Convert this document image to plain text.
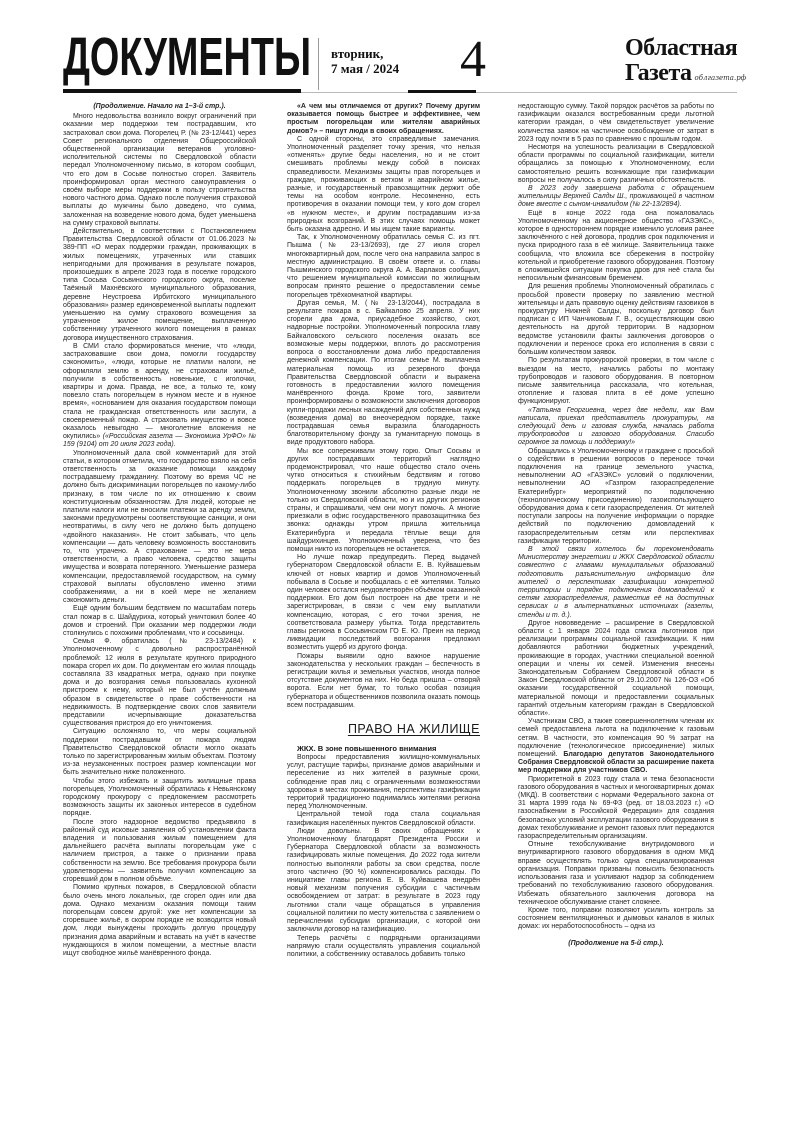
ДОКУМЕНТЫ вторник,
7 мая / 2024	4	Областная
Газета облгазета.рф

(Продолжение. Начало на 1–3-й стр.).

Много недовольства возникло вокруг ограничений при оказании мер поддержки тем пострадавшим, кто застраховал свои дома. Погорелец Р. (№ 23-12/441) через Совет регионального отделения Общероссийской общественной организации ветеранов уголовно-исполнительной системы по Свердловской области передал Уполномоченному письмо, в котором сообщил, что его дом в Сосьве полностью сгорел. Заявитель проинформировал орган местного самоуправления о своём выборе меры поддержки в пользу строительства нового частного дома. Однако после получения страховой выплаты до мужчины было доведено, что сумма, заложенная на возведение нового дома, будет уменьшена на сумму страховой выплаты.

Действительно, в соответствии с Постановлением Правительства Свердловской области от 01.06.2023 № 389-ПП «О мерах поддержки граждан, проживающих в жилых помещениях, утраченных или ставших непригодными для проживания в результате пожаров, произошедших в апреле 2023 года в поселке городского типа Сосьва Сосьвинского городского округа, поселке Таёжный Махнёвского муниципального образования, деревне Неустроева Ирбитского муниципального образования» размер единовременной выплаты подлежит уменьшению на сумму страхового возмещения за утраченное жилое помещение, выплаченную собственнику утраченного жилого помещения в рамках договора имущественного страхования.

В СМИ стало формироваться мнение, что «люди, застраховавшие свои дома, помогли государству сэкономить», «люди, которые не платили налоги, не оформляли землю в аренду, не страховали жильё, получили в собственность новенькие, с иголочки, квартиры и дома. Правда, не все, а только те, кому повезло стать погорельцем в нужном месте и в нужное время», «основанием для оказания государством помощи стала не гражданская ответственность или заслуги, а своевременный пожар. А страховать имущество и вовсе оказалось невыгодно — многолетние вложения не окупились» («Российская газета — Экономика УрФО» № 159 (9104) от 20 июля 2023 года).

Уполномоченный дала свой комментарий для этой статьи, в котором отметила, что государство взяло на себя ответственность за оказание помощи каждому пострадавшему гражданину. Поэтому во время ЧС не должно быть дискриминации погорельцев по какому-либо признаку, в том числе по их отношению к своим конституционным обязанностям. Для людей, которые не платили налоги или не вносили платежи за аренду земли, законами предусмотрены соответствующие санкции, и они неотвратимы, в силу чего не должно быть допущено «двойного наказания». Не стоит забывать, что цель компенсации — дать человеку возможность восстановить то, что утрачено. А страхование — это не мера ответственности, а право человека, средство защиты имущества и возврата потерянного. Уменьшение размера компенсации, предоставляемой государством, на сумму страховой выплаты обусловлено именно этими соображениями, а ни в коей мере не желанием сэкономить деньги.

Ещё одним большим бедствием по масштабам потерь стал пожар в с. Шайдуриха, который уничтожил более 40 домов и строений. При оказании мер поддержки люди столкнулись с похожими проблемами, что и сосьвинцы.

Семья Ф. обратилась (№ 23-13/2484) к Уполномоченному с довольно распространённой проблемой: 12 июля в результате крупного природного пожара сгорел их дом. По документам его жилая площадь составляла 33 квадратных метра, однако при покупке дома и до возгорания семья пользовалась кухонной пристроем к нему, который не был учтён должным образом в свидетельстве о праве собственности на недвижимость. В подтверждение своих слов заявители представили исчерпывающие доказательства существования пристроя до его уничтожения.

Ситуацию осложняло то, что меры социальной поддержки пострадавшим от пожара людям Правительство Свердловской области могло оказать только по зарегистрированным жилым объектам. Поэтому из-за неузаконенных построек размер компенсации мог быть значительно ниже положенного.

Чтобы этого избежать и защитить жилищные права погорельцев, Уполномоченный обратилась к Невьянскому городскому прокурору с предложением рассмотреть возможность защиты их законных интересов в судебном порядке.

После этого надзорное ведомство предъявило в районный суд исковые заявления об установлении факта владения и пользования жилым помещением для дальнейшего расчёта выплаты погорельцам уже с наличием пристроя, а также о признании права собственности на землю. Все требования прокурора были удовлетворены — заявитель получил компенсацию за сгоревший дом в полном объёме.

Помимо крупных пожаров, в Свердловской области было очень много локальных, где сгорел один или два дома. Однако механизм оказания помощи таким погорельцам совсем другой: уже нет компенсации за сгоревшее жильё, в скором порядке не возводится новый дом, люди вынуждены проходить долгую процедуру признания дома аварийным и вставать на учёт в качестве нуждающихся в жилом помещении, а местные власти ищут свободное жильё манёвренного фонда.

«А чем мы отличаемся от других? Почему другим оказывается помощь быстрее и эффективнее, чем простым погорельцам или жителям аварийных домов?» – пишут люди в своих обращениях.

С одной стороны, это справедливые замечания. Уполномоченный разделяет точку зрения, что нельзя «отменять» другие беды населения, но и не стоит смешивать проблемы между собой в поисках справедливости. Механизмы защиты прав погорельцев и граждан, проживающих в ветхом и аварийном жилье, разные, и государственный правозащитник держит обе темы на особом контроле. Несомненно, есть противоречия в оказании помощи тем, у кого дом сгорел «в нужном месте», и другим пострадавшим из-за природных возгораний. В этих случаях помощь может быть оказана адресно. И мы ищем такие варианты.

Так, к Уполномоченному обратилась семья С. из пгт. Пышма (№ 23-13/2693), где 27 июля сгорел многоквартирный дом, после чего она направила запрос в местную администрацию. В своём ответе и. о. главы Пышминского городского округа А. А. Варлаков сообщил, что решением муниципальной комиссии по жилищным вопросам принято решение о предоставлении семье погорельцев трёхкомнатной квартиры.

Другая семья, М. (№ 23-13/2044), пострадала в результате пожара в с. Байкалово 25 апреля. У них сгорели два дома, приусадебное хозяйство, скот, надворные постройки. Уполномоченный попросила главу Байкаловского сельского поселения оказать все возможные меры поддержки, вплоть до рассмотрения вопроса о восстановлении дома либо предоставления денежной компенсации. По итогам семье М. выплачена материальная помощь из резервного фонда Правительства Свердловской области и выражена готовность в предоставлении жилого помещения манёвренного фонда. Кроме того, заявители проинформированы о возможности заключения договоров купли-продажи лесных насаждений для собственных нужд (возведения дома) во внеочередном порядке, также пострадавшая семья выразила благодарность благотворительному фонду за гуманитарную помощь в виде продуктового набора.

Мы все сопереживали этому горю. Опыт Сосьвы и других пострадавших территорий наглядно продемонстрировал, что наше общество стало очень чутко относиться к стихийным бедствиям и готово поддержать погорельцев в трудную минуту. Уполномоченному звонили абсолютно разные люди не только из Свердловской области, но и из других регионов страны, и спрашивали, чем они могут помочь. А многие приезжали в офис государственного правозащитника без звонка: однажды утром пришла жительница Екатеринбурга и передала тёплые вещи для шайдурихинцев. Уполномоченный уверена, что без помощи никто из погорельцев не останется.

Но лучше пожар предупредить. Перед выдачей губернатором Свердловской области Е. В. Куйвашевым ключей от новых квартир и домов Уполномоченный побывала в Сосьве и пообщалась с её жителями. Только один человек остался неудовлетворён объёмом оказанной поддержки. Его дом был построен на две трети и не зарегистрирован, в связи с чем ему выплатили компенсацию, которая, с его точки зрения, не соответствовала размеру убытка. Тогда представитель главы региона в Сосьвинском ГО Е. Ю. Преин на период ликвидации последствий возгорания предложил возместить ущерб из другого фонда.

Пожары выявили одно важное нарушение законодательства у нескольких граждан – беспечность в регистрации жилья и земельных участков, иногда полное отсутствие документов на них. Но беда пришла – отворяй ворота. Если нет бумаг, то только особая позиция губернатора и общественников позволила оказать помощь всем пострадавшим.

ПРАВО НА ЖИЛИЩЕ
ЖКХ. В зоне повышенного внимания

Вопросы предоставления жилищно-коммунальных услуг, растущие тарифы, признание домов аварийными и переселение из них жителей в разумные сроки, соблюдение прав лиц с ограниченными возможностями здоровья в местах проживания, перспективы газификации территорий традиционно поднимались жителями региона перед Уполномоченным.

Центральной темой года стала социальная газификация населённых пунктов Свердловской области.

Люди довольны. В своих обращениях к Уполномоченному благодарят Президента России и Губернатора Свердловской области за возможность газифицировать жилые помещения. До 2022 года жители полностью выполняли работы за свои средства, после этого частично (90 %) компенсировались расходы. По инициативе главы региона Е. В. Куйвашева внедрён новый механизм получения субсидии с частичным освобождением от затрат: в результате в 2023 году льготники стали чаще обращаться в управления социальной политики по месту жительства с заявлением о перечислении субсидии организации, с которой они заключили договор на газификацию.

Теперь расчёты с подрядными организациями напрямую стали осуществлять управления социальной политики, а собственнику оставалось добавить только

недостающую сумму. Такой порядок расчётов за работы по газификации оказался востребованным среди льготной категории граждан, о чём свидетельствует увеличение количества заявок на частичное освобождение от затрат в 2023 году почти в 5 раз по сравнению с прошлым годом.

Несмотря на успешность реализации в Свердловской области программы по социальной газификации, жители обращались за помощью к Уполномоченному, если самостоятельно решить возникающие при газификации вопросы не получалось в силу различных обстоятельств.

В 2023 году завершена работа с обращением жительницы Верхней Салды Ш., проживающей в частном доме вместе с сыном-инвалидом (№ 22-13/2894).

Ещё в конце 2022 года она пожаловалась Уполномоченному на акционерное общество «ГАЗЭКС», которое в одностороннем порядке изменило условия ранее заключённого с ней договора, продлив срок подключения и пуска природного газа в её жилище. Заявительница также сообщила, что вложила все сбережения в постройку котельной и приобретение газового оборудования. Поэтому в сложившейся ситуации покупка дров для неё стала бы непосильным финансовым бременем.

Для решения проблемы Уполномоченный обратилась с просьбой провести проверку по заявлению местной жительницы и дать правовую оценку действиям газовиков в прокуратуру Нижней Салды, поскольку договор был подписан с ИП Чанчиковым Г. В., осуществляющим свою деятельность на другой территории. В надзорном ведомстве установили факты заключения договоров о подключении и переносе срока его исполнения в связи с большим количеством заявок.

По результатам прокурорской проверки, в том числе с выездом на место, начались работы по монтажу трубопроводов и газового оборудования. В повторном письме заявительница рассказала, что котельная, отопление и газовая плита в её доме успешно функционируют.

«Татьяна Георгиевна, через две недели, как Вам написала, приехал представитель прокуратуры, на следующий день и газовая служба, началась работа трубопроводов и газового оборудования. Спасибо огромное за помощь и поддержку!»

Обращались к Уполномоченному и граждане с просьбой о содействии в решении вопросов о переносе точки подключения на границе земельного участка, невыполнении АО «ГАЗЭКС» условий о подключении, невыполнении АО «Газпром газораспределение Екатеринбург» мероприятий по подключению (технологическому присоединению) газоиспользующего оборудования дома к сети газораспределения. От жителей поступали запросы на получение информации о порядке действий по подключению домовладений к газораспределительным сетям или перспективах газификации территории.

В этой связи хотелось бы порекомендовать Министерству энергетики и ЖКХ Свердловской области совместно с главами муниципальных образований подготовить разъяснительную информацию для жителей о перспективах газификации конкретной территории и порядке подключения домовладений к сетям газораспределения, разместив её на доступных сервисах и в альтернативных источниках (газеты, стенды и т. д.).

Другое нововведение – расширение в Свердловской области с 1 января 2024 года списка льготников при реализации программы социальной газификации. К ним добавляются работники бюджетных учреждений, проживающие в городах, участники специальной военной операции и члены их семей. Изменения внесены Законодательным Собранием Свердловской области в Закон Свердловской области от 29.10.2007 № 126-ОЗ «Об оказании государственной социальной помощи, материальной помощи и предоставлении социальных гарантий отдельным категориям граждан в Свердловской области».

Участникам СВО, а также совершеннолетним членам их семей предоставлена льгота на подключение к газовым сетям. В частности, это компенсация 90 % затрат на подключение (технологическое присоединение) жилых помещений. Благодарю депутатов Законодательного Собрания Свердловской области за расширение пакета мер поддержки для участников СВО.

Приоритетной в 2023 году стала и тема безопасности газового оборудования в частных и многоквартирных домах (МКД). В соответствии с нормами Федерального закона от 31 марта 1999 года № 69-ФЗ (ред. от 18.03.2023 г.) «О газоснабжении в Российской Федерации» для создания безопасных условий эксплуатации газового оборудования в домах техобслуживание и ремонт газовых плит передаются газораспределительным организациям.

Отныне техобслуживание внутридомового и внутриквартирного газового оборудования в одном МКД вправе осуществлять только одна специализированная организация. Поправки призваны повысить безопасность использования газа и усиливают надзор за соблюдением требований по техобслуживанию газового оборудования. Избежать обязательного заключения договора на техническое обслуживание станет сложнее.

Кроме того, поправки позволяют усилить контроль за состоянием вентиляционных и дымовых каналов в жилых домах: их неработоспособность – одна из

(Продолжение на 5-й стр.).
